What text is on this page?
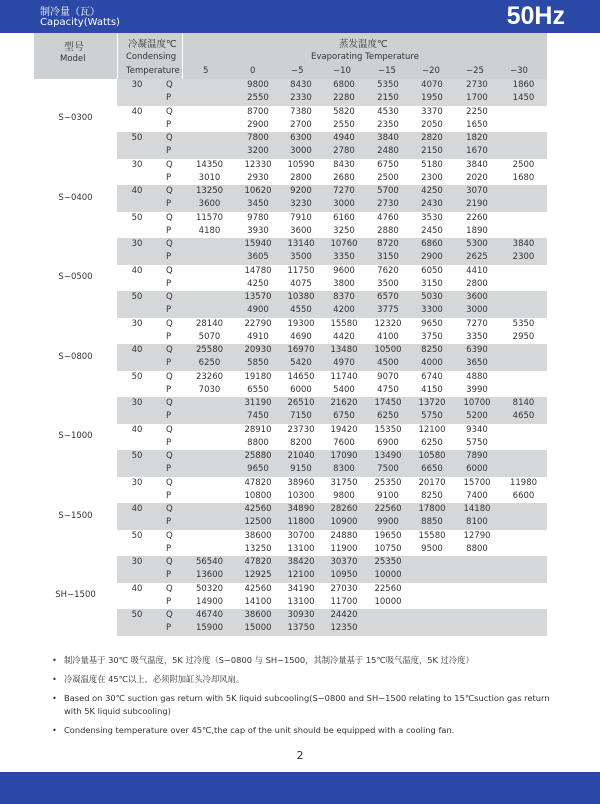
制冷量（瓦）
Capacity(Watts)	50Hz
型号
Model
冷凝温度℃
Condensing
Temperature
蒸发温度℃
Evaporating Temperature
5	0	−5	−10	−15	−20	−25	−30
S−0300	30	Q		9800	8430	6800	5350	4070	2730	1860
		P		2550	2330	2280	2150	1950	1700	1450
	40	Q		8700	7380	5820	4530	3370	2250	
		P		2900	2700	2550	2350	2050	1650	
	50	Q		7800	6300	4940	3840	2820	1820	
		P		3200	3000	2780	2480	2150	1670	
S−0400	30	Q	14350	12330	10590	8430	6750	5180	3840	2500
		P	3010	2930	2800	2680	2500	2300	2020	1680
	40	Q	13250	10620	9200	7270	5700	4250	3070	
		P	3600	3450	3230	3000	2730	2430	2190	
	50	Q	11570	9780	7910	6160	4760	3530	2260	
		P	4180	3930	3600	3250	2880	2450	1890	
S−0500	30	Q		15940	13140	10760	8720	6860	5300	3840
		P		3605	3500	3350	3150	2900	2625	2300
	40	Q		14780	11750	9600	7620	6050	4410	
		P		4250	4075	3800	3500	3150	2800	
	50	Q		13570	10380	8370	6570	5030	3600	
		P		4900	4550	4200	3775	3300	3000	
S−0800	30	Q	28140	22790	19300	15580	12320	9650	7270	5350
		P	5070	4910	4690	4420	4100	3750	3350	2950
	40	Q	25580	20930	16970	13480	10500	8250	6390	
		P	6250	5850	5420	4970	4500	4000	3650	
	50	Q	23260	19180	14650	11740	9070	6740	4880	
		P	7030	6550	6000	5400	4750	4150	3990	
S−1000	30	Q		31190	26510	21620	17450	13720	10700	8140
		P		7450	7150	6750	6250	5750	5200	4650
	40	Q		28910	23730	19420	15350	12100	9340	
		P		8800	8200	7600	6900	6250	5750	
	50	Q		25880	21040	17090	13490	10580	7890	
		P		9650	9150	8300	7500	6650	6000	
S−1500	30	Q		47820	38960	31750	25350	20170	15700	11980
		P		10800	10300	9800	9100	8250	7400	6600
	40	Q		42560	34890	28260	22560	17800	14180	
		P		12500	11800	10900	9900	8850	8100	
	50	Q		38600	30700	24880	19650	15580	12790	
		P		13250	13100	11900	10750	9500	8800	
SH−1500	30	Q	56540	47820	38420	30370	25350			
		P	13600	12925	12100	10950	10000			
	40	Q	50320	42560	34190	27030	22560			
		P	14900	14100	13100	11700	10000			
	50	Q	46740	38600	30930	24420				
		P	15900	15000	13750	12350				
• 制冷量基于 30℃ 吸气温度，5K 过冷度（S−0800 与 SH−1500，其制冷量基于 15℃吸气温度，5K 过冷度）
• 冷凝温度在 45℃以上，必须附加缸头冷却风扇。
• Based on 30℃ suction gas return with 5K liquid subcooling(S−0800 and SH−1500 relating to 15℃suction gas return with 5K liquid subcooling)
• Condensing temperature over 45℃,the cap of the unit should be equipped with a cooling fan.
2
